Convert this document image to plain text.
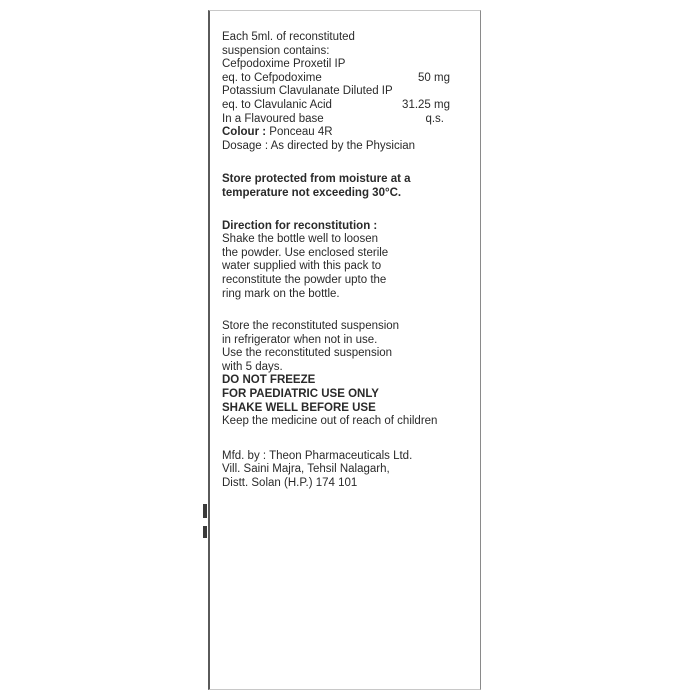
Each 5ml. of reconstituted

suspension contains:

Cefpodoxime Proxetil IP

eq. to Cefpodoxime	50 mg
Potassium Clavulanate Diluted IP
eq. to Clavulanic Acid	31.25 mg
In a Flavoured base	q.s.

Colour : Ponceau 4R

Dosage : As directed by the Physician

Store protected from moisture at a

temperature not exceeding 30°C.

Direction for reconstitution :

Shake the bottle well to loosen

the powder. Use enclosed sterile

water supplied with this pack to

reconstitute the powder upto the

ring mark on the bottle.

Store the reconstituted suspension

in refrigerator when not in use.

Use the reconstituted suspension

with 5 days.

DO NOT FREEZE

FOR PAEDIATRIC USE ONLY

SHAKE WELL BEFORE USE

Keep the medicine out of reach of children

Mfd. by : Theon Pharmaceuticals Ltd.

Vill. Saini Majra, Tehsil Nalagarh,

Distt. Solan (H.P.) 174 101
